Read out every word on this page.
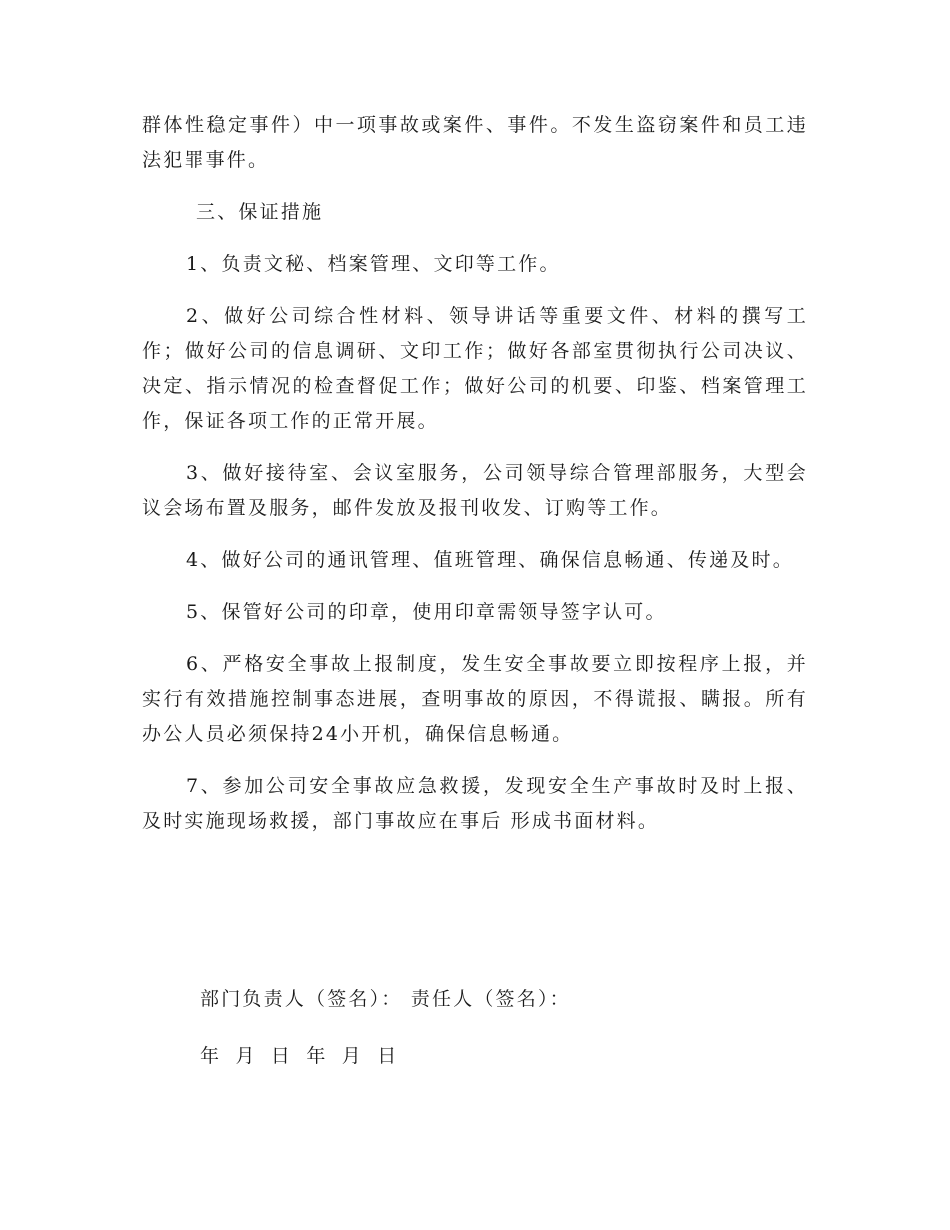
群体性稳定事件）中一项事故或案件、事件。不发生盗窃案件和员工违法犯罪事件。

三、保证措施

1、负责文秘、档案管理、文印等工作。

2、做好公司综合性材料、领导讲话等重要文件、材料的撰写工作；做好公司的信息调研、文印工作；做好各部室贯彻执行公司决议、决定、指示情况的检查督促工作；做好公司的机要、印鉴、档案管理工作，保证各项工作的正常开展。

3、做好接待室、会议室服务，公司领导综合管理部服务，大型会议会场布置及服务，邮件发放及报刊收发、订购等工作。

4、做好公司的通讯管理、值班管理、确保信息畅通、传递及时。

5、保管好公司的印章，使用印章需领导签字认可。

6、严格安全事故上报制度，发生安全事故要立即按程序上报，并实行有效措施控制事态进展，查明事故的原因，不得谎报、瞒报。所有办公人员必须保持24小开机，确保信息畅通。

7、参加公司安全事故应急救援，发现安全生产事故时及时上报、及时实施现场救援，部门事故应在事后 形成书面材料。

部门负责人（签名）： 责任人（签名）：

年 月 日 年 月 日
